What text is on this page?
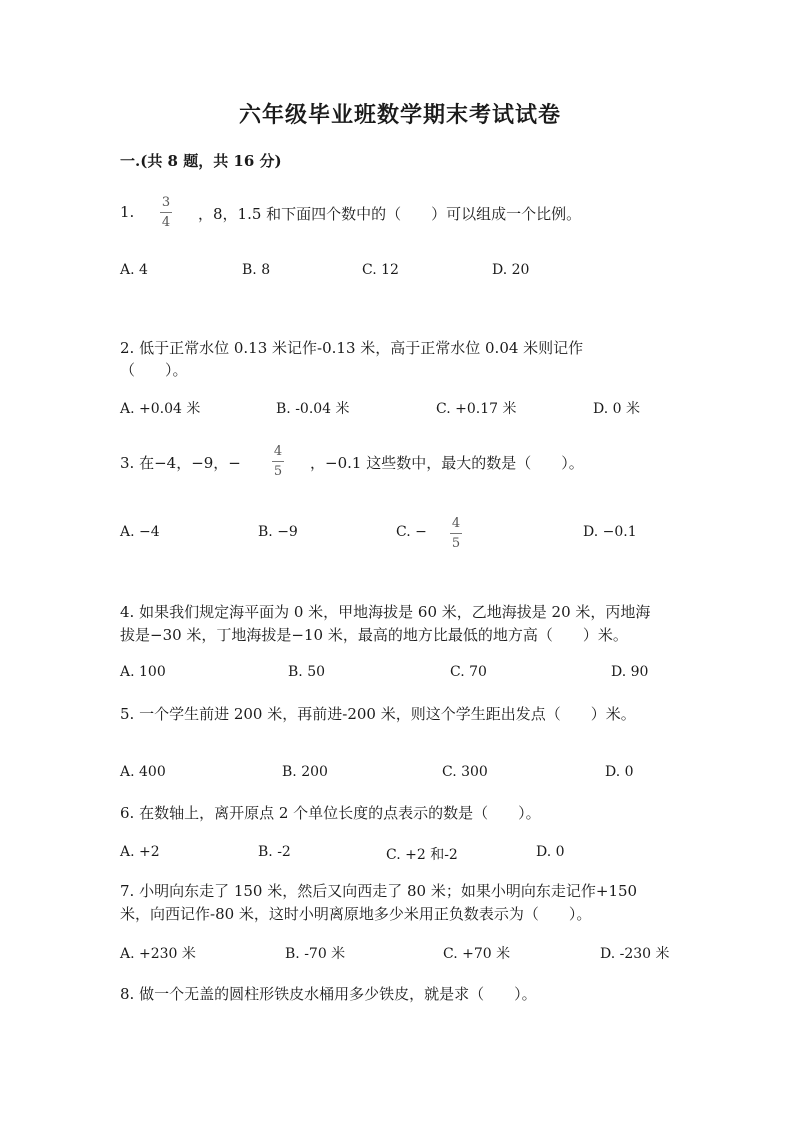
六年级毕业班数学期末考试试卷
一.(共 8 题，共 16 分)
1.
3
4 ，8，1.5 和下面四个数中的（　　）可以组成一个比例。
A. 4	B. 8	C. 12	D. 20
2. 低于正常水位 0.13 米记作-0.13 米，高于正常水位 0.04 米则记作
（　　）。
A. +0.04 米	B. -0.04 米	C. +0.17 米	D. 0 米
3. 在−4，−9，−
4
5 ，−0.1 这些数中，最大的数是（　　）。
A. −4	B. −9	C. −
4
5
D. −0.1
4. 如果我们规定海平面为 0 米，甲地海拔是 60 米，乙地海拔是 20 米，丙地海
拔是−30 米，丁地海拔是−10 米，最高的地方比最低的地方高（　　）米。
A. 100	B. 50	C. 70	D. 90
5. 一个学生前进 200 米，再前进-200 米，则这个学生距出发点（　　）米。
A. 400	B. 200	C. 300	D. 0
6. 在数轴上，离开原点 2 个单位长度的点表示的数是（　　）。
A. +2	B. -2	C. +2 和-2	D. 0
7. 小明向东走了 150 米，然后又向西走了 80 米；如果小明向东走记作+150
米，向西记作-80 米，这时小明离原地多少米用正负数表示为（　　）。
A. +230 米	B. -70 米	C. +70 米	D. -230 米
8. 做一个无盖的圆柱形铁皮水桶用多少铁皮，就是求（　　）。
